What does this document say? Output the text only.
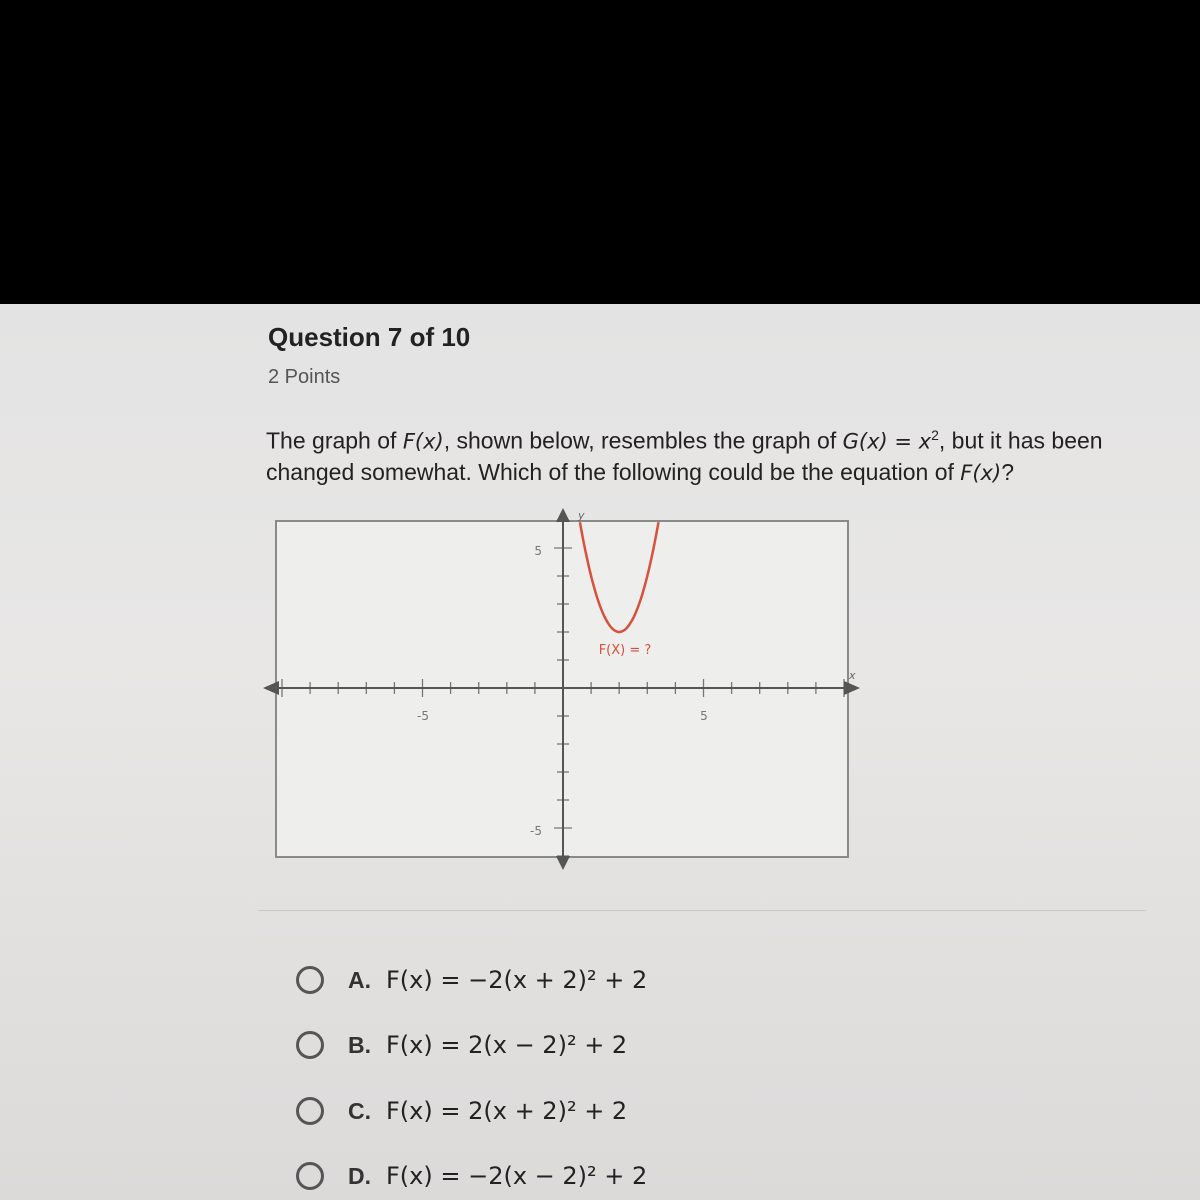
Question 7 of 10
2 Points
The graph of F(x), shown below, resembles the graph of $G(x) = x^2$, but it has been changed somewhat. Which of the following could be the equation of F(x)?
x
y
-5	5
5
-5
F(X) = ?
A. F(x) = −2(x + 2)² + 2
B. F(x) = 2(x − 2)² + 2
C. F(x) = 2(x + 2)² + 2
D. F(x) = −2(x − 2)² + 2
